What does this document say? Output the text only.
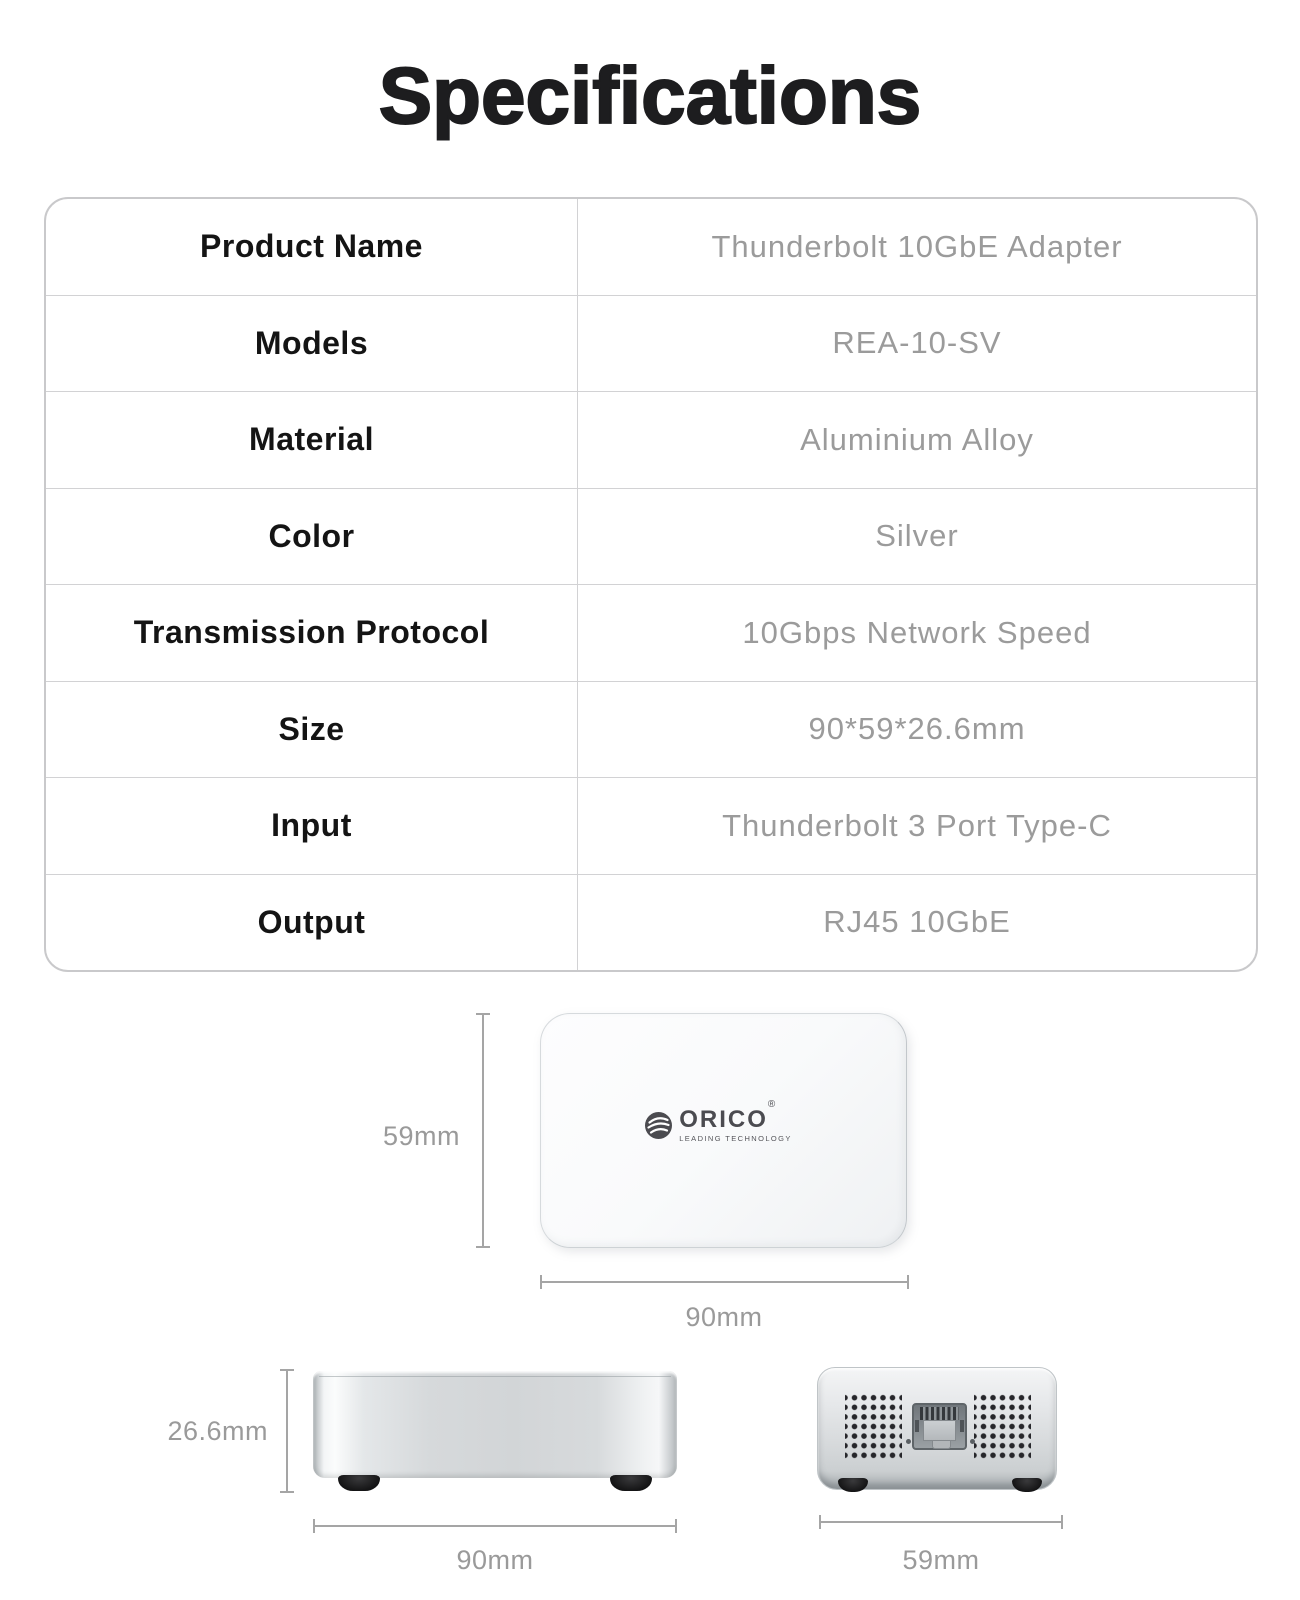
Specifications
Product Name	Thunderbolt 10GbE Adapter
Models	REA-10-SV
Material	Aluminium Alloy
Color	Silver
Transmission Protocol	10Gbps Network Speed
Size	90*59*26.6mm
Input	Thunderbolt 3 Port Type-C
Output	RJ45 10GbE
59mm
ORICO®
LEADING TECHNOLOGY
90mm
26.6mm
90mm	59mm
